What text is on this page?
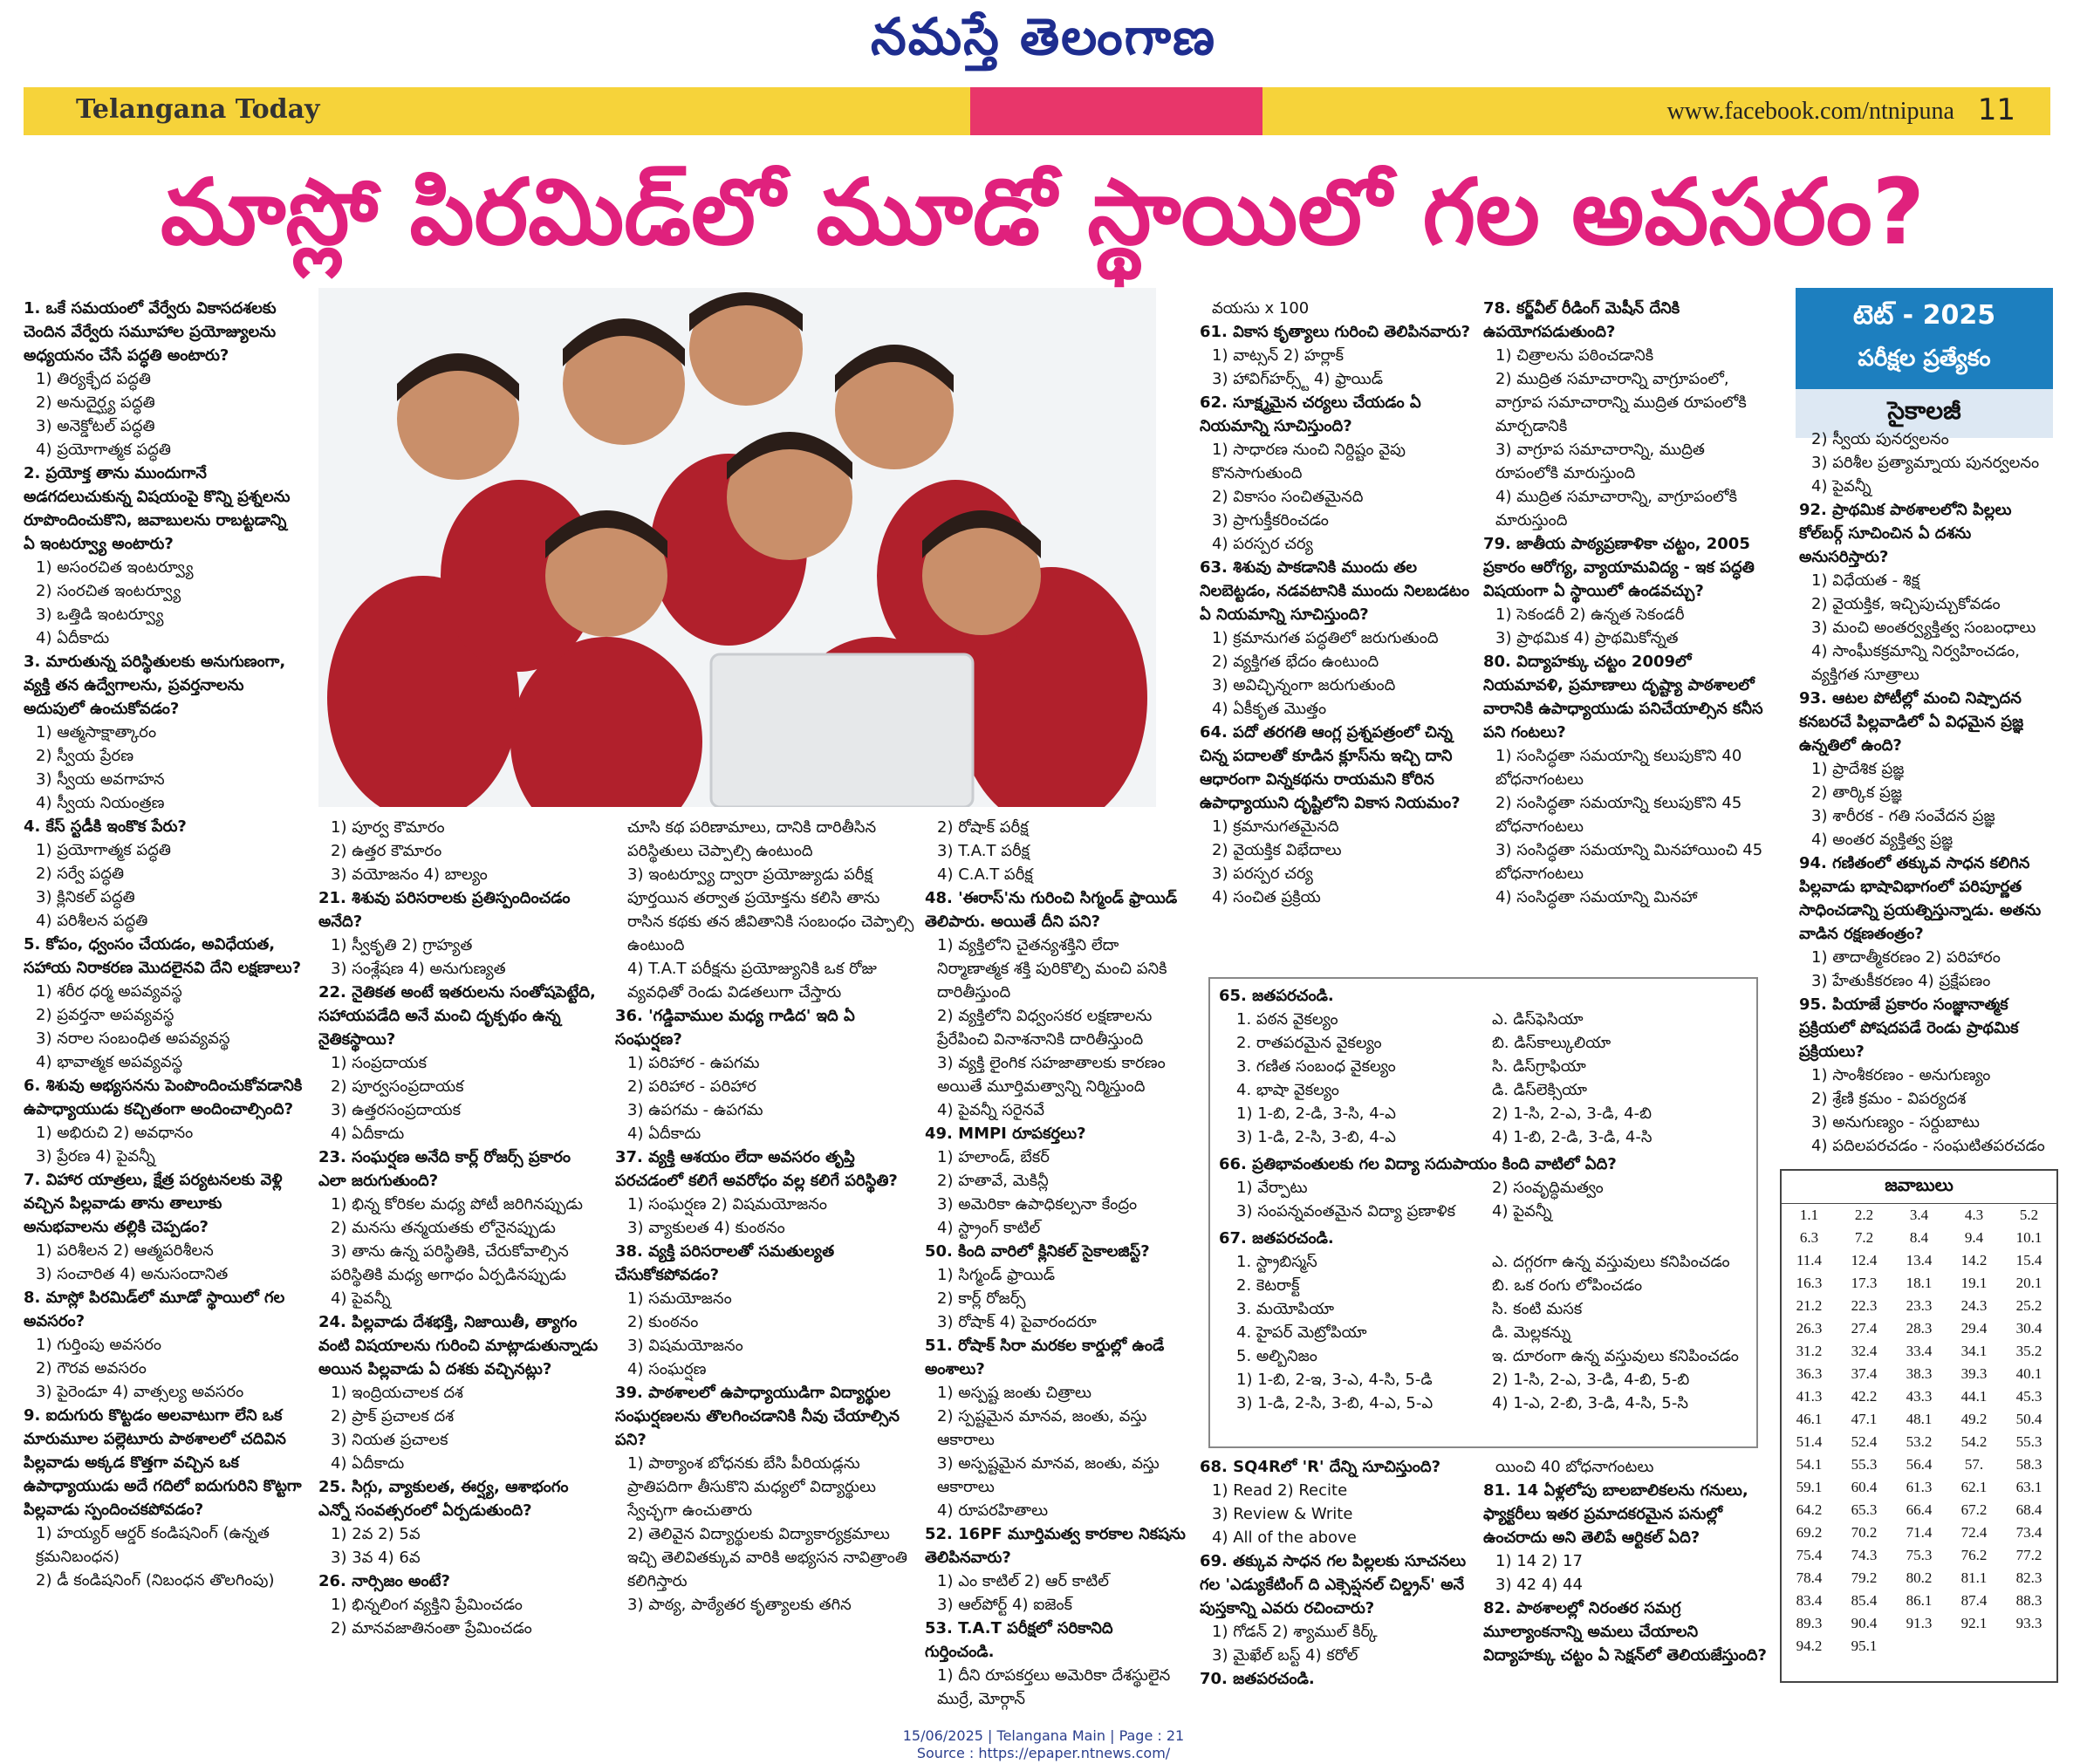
నమస్తే తెలంగాణ
Telangana Today	www.facebook.com/ntnipuna 11
మాస్లో పిరమిడ్‌లో మూడో స్థాయిలో గల అవసరం?

1. ఒకే సమయంలో వేర్వేరు వికాసదశలకు చెందిన వేర్వేరు సమూహాల ప్రయోజ్యులను అధ్యయనం చేసే పద్ధతి అంటారు?

1) తిర్యక్ఛేద పద్ధతి

2) అనుదైర్ఘ్య పద్ధతి

3) అనెక్డోటల్ పద్ధతి

4) ప్రయోగాత్మక పద్ధతి

2. ప్రయోక్త తాను ముందుగానే అడగదలుచుకున్న విషయంపై కొన్ని ప్రశ్నలను రూపొందించుకొని, జవాబులను రాబట్టడాన్ని ఏ ఇంటర్వ్యూ అంటారు?

1) అసంరచిత ఇంటర్వ్యూ

2) సంరచిత ఇంటర్వ్యూ

3) ఒత్తిడి ఇంటర్వ్యూ

4) ఏదీకాదు

3. మారుతున్న పరిస్థితులకు అనుగుణంగా, వ్యక్తి తన ఉద్వేగాలను, ప్రవర్తనాలను అదుపులో ఉంచుకోవడం?

1) ఆత్మసాక్షాత్కారం

2) స్వీయ ప్రేరణ

3) స్వీయ అవగాహన

4) స్వీయ నియంత్రణ

4. కేస్ స్టడీకి ఇంకొక పేరు?

1) ప్రయోగాత్మక పద్ధతి

2) సర్వే పద్ధతి

3) క్లినికల్ పద్ధతి

4) పరిశీలన పద్ధతి

5. కోపం, ధ్వంసం చేయడం, అవిధేయత, సహాయ నిరాకరణ మొదలైనవి దేని లక్షణాలు?

1) శరీర ధర్మ అపవ్యవస్థ

2) ప్రవర్తనా అపవ్యవస్థ

3) నరాల సంబంధిత అపవ్యవస్థ

4) భావాత్మక అపవ్యవస్థ

6. శిశువు అభ్యసనను పెంపొందించుకోవడానికి ఉపాధ్యాయుడు కచ్చితంగా అందించాల్సింది?

1) అభిరుచి 2) అవధానం

3) ప్రేరణ 4) పైవన్నీ

7. విహార యాత్రలు, క్షేత్ర పర్యటనలకు వెళ్లి వచ్చిన పిల్లవాడు తాను తాలూకు అనుభవాలను తల్లికి చెప్పడం?

1) పరిశీలన 2) ఆత్మపరిశీలన

3) సంచారిత 4) అనుసందానిత

8. మాస్లో పిరమిడ్‌లో మూడో స్థాయిలో గల అవసరం?

1) గుర్తింపు అవసరం

2) గౌరవ అవసరం

3) పైరెండూ 4) వాత్సల్య అవసరం

9. ఐదుగురు కొట్టడం అలవాటుగా లేని ఒక మారుమూల పల్లెటూరు పాఠశాలలో చదివిన పిల్లవాడు అక్కడ కొత్తగా వచ్చిన ఒక ఉపాధ్యాయుడు అదే గదిలో ఐదుగురిని కొట్టగా పిల్లవాడు స్పందించకపోవడం?

1) హయ్యర్ ఆర్డర్ కండిషనింగ్ (ఉన్నత క్రమనిబంధన)

2) డీ కండిషనింగ్ (నిబంధన తొలగింపు)

1) పూర్వ కౌమారం

2) ఉత్తర కౌమారం

3) వయోజనం 4) బాల్యం

21. శిశువు పరిసరాలకు ప్రతిస్పందించడం అనేది?

1) స్వీకృతి 2) గ్రాహ్యత

3) సంశ్లేషణ 4) అనుగుణ్యత

22. నైతికత అంటే ఇతరులను సంతోషపెట్టేది, సహాయపడేది అనే మంచి దృక్పథం ఉన్న నైతికస్థాయి?

1) సంప్రదాయక

2) పూర్వసంప్రదాయక

3) ఉత్తరసంప్రదాయక

4) ఏదీకాదు

23. సంఘర్షణ అనేది కార్ల్ రోజర్స్ ప్రకారం ఎలా జరుగుతుంది?

1) భిన్న కోరికల మధ్య పోటీ జరిగినప్పుడు

2) మనసు తన్మయతకు లోనైనప్పుడు

3) తాను ఉన్న పరిస్థితికి, చేరుకోవాల్సిన పరిస్థితికి మధ్య అగాధం ఏర్పడినప్పుడు

4) పైవన్నీ

24. పిల్లవాడు దేశభక్తి, నిజాయితీ, త్యాగం వంటి విషయాలను గురించి మాట్లాడుతున్నాడు అయిన పిల్లవాడు ఏ దశకు వచ్చినట్లు?

1) ఇంద్రియచాలక దశ

2) ప్రాక్ ప్రచాలక దశ

3) నియత ప్రచాలక

4) ఏదీకాదు

25. సిగ్గు, వ్యాకులత, ఈర్ష్య, ఆశాభంగం ఎన్నో సంవత్సరంలో ఏర్పడుతుంది?

1) 2వ 2) 5వ

3) 3వ 4) 6వ

26. నార్సిజం అంటే?

1) భిన్నలింగ వ్యక్తిని ప్రేమించడం

2) మానవజాతినంతా ప్రేమించడం

చూసి కథ పరిణామాలు, దానికి దారితీసిన పరిస్థితులు చెప్పాల్సి ఉంటుంది

3) ఇంటర్వ్యూ ద్వారా ప్రయోజ్యుడు పరీక్ష పూర్తయిన తర్వాత ప్రయోక్తను కలిసి తాను రాసిన కథకు తన జీవితానికి సంబంధం చెప్పాల్సి ఉంటుంది

4) T.A.T పరీక్షను ప్రయోజ్యునికి ఒక రోజు వ్యవధితో రెండు విడతలుగా చేస్తారు

36. 'గడ్డివాముల మధ్య గాడిద' ఇది ఏ సంఘర్షణ?

1) పరిహార - ఉపగమ

2) పరిహార - పరిహార

3) ఉపగమ - ఉపగమ

4) ఏదీకాదు

37. వ్యక్తి ఆశయం లేదా అవసరం తృప్తి పరచడంలో కలిగే అవరోధం వల్ల కలిగే పరిస్థితి?

1) సంఘర్షణ 2) విషమయోజనం

3) వ్యాకులత 4) కుంఠనం

38. వ్యక్తి పరిసరాలతో సమతుల్యత చేసుకోకపోవడం?

1) సమయోజనం

2) కుంఠనం

3) విషమయోజనం

4) సంఘర్షణ

39. పాఠశాలలో ఉపాధ్యాయుడిగా విద్యార్థుల సంఘర్షణలను తొలగించడానికి నీవు చేయాల్సిన పని?

1) పాఠ్యాంశ బోధనకు బేసి పీరియడ్లను ప్రాతిపదిగా తీసుకొని మధ్యలో విద్యార్థులు స్వేచ్ఛగా ఉంచుతారు

2) తెలివైన విద్యార్థులకు విద్యాకార్యక్రమాలు ఇచ్చి తెలివితక్కువ వారికి అభ్యసన నావిత్రాంతి కలిగిస్తారు

3) పాఠ్య, పాఠ్యేతర కృత్యాలకు తగిన

2) రోషాక్ పరీక్ష

3) T.A.T పరీక్ష

4) C.A.T పరీక్ష

48. 'ఈరాస్'ను గురించి సిగ్మండ్ ఫ్రాయిడ్ తెలిపారు. అయితే దీని పని?

1) వ్యక్తిలోని చైతన్యశక్తిని లేదా నిర్మాణాత్మక శక్తి పురికొల్పి మంచి పనికి దారితీస్తుంది

2) వ్యక్తిలోని విధ్వంసకర లక్షణాలను ప్రేరేపించి వినాశనానికి దారితీస్తుంది

3) వ్యక్తి లైంగిక సహజాతాలకు కారణం అయితే మూర్తిమత్వాన్ని నిర్మిస్తుంది

4) పైవన్నీ సరైనవే

49. MMPI రూపకర్తలు?

1) హలాండ్, బేకర్

2) హతావే, మెకిన్లీ

3) అమెరికా ఉపాధికల్పనా కేంద్రం

4) స్ట్రాంగ్ కాటిల్

50. కింది వారిలో క్లినికల్ సైకాలజిస్ట్?

1) సిగ్మండ్ ఫ్రాయిడ్

2) కార్ల్ రోజర్స్

3) రోషాక్ 4) పైవారందరూ

51. రోషాక్ సిరా మరకల కార్డుల్లో ఉండే అంశాలు?

1) అస్పష్ట జంతు చిత్రాలు

2) స్పష్టమైన మానవ, జంతు, వస్తు ఆకారాలు

3) అస్పష్టమైన మానవ, జంతు, వస్తు ఆకారాలు

4) రూపరహితాలు

52. 16PF మూర్తిమత్వ కారకాల నికషను తెలిపినవారు?

1) ఎం కాటిల్ 2) ఆర్ కాటిల్

3) ఆల్‌పోర్ట్ 4) ఐజెంక్

53. T.A.T పరీక్షలో సరికానిది గుర్తించండి.

1) దీని రూపకర్తలు అమెరికా దేశస్థులైన ముర్రే, మోర్గాన్

వయసు x 100

61. వికాస కృత్యాలు గురించి తెలిపినవారు?

1) వాట్సన్ 2) హర్లాక్

3) హావిగ్‌హర్స్ట్ 4) ఫ్రాయిడ్

62. సూక్ష్మమైన చర్యలు చేయడం ఏ నియమాన్ని సూచిస్తుంది?

1) సాధారణ నుంచి నిర్దిష్టం వైపు కొనసాగుతుంది

2) వికాసం సంచితమైనది

3) ప్రాగుక్తీకరించడం

4) పరస్పర చర్య

63. శిశువు పాకడానికి ముందు తల నిలబెట్టడం, నడవటానికి ముందు నిలబడటం ఏ నియమాన్ని సూచిస్తుంది?

1) క్రమానుగత పద్ధతిలో జరుగుతుంది

2) వ్యక్తిగత భేదం ఉంటుంది

3) అవిచ్ఛిన్నంగా జరుగుతుంది

4) ఏకీకృత మొత్తం

64. పదో తరగతి ఆంగ్ల ప్రశ్నపత్రంలో చిన్న చిన్న పదాలతో కూడిన క్లూస్‌ను ఇచ్చి దాని ఆధారంగా విన్నకథను రాయమని కోరిన ఉపాధ్యాయుని దృష్టిలోని వికాస నియమం?

1) క్రమానుగతమైనది

2) వైయక్తిక విభేదాలు

3) పరస్పర చర్య

4) సంచిత ప్రక్రియ

78. కర్జ్‌వీల్ రీడింగ్ మెషీన్ దేనికి ఉపయోగపడుతుంది?

1) చిత్రాలను పఠించడానికి

2) ముద్రిత సమాచారాన్ని వాగ్రూపంలో, వాగ్రూప సమాచారాన్ని ముద్రిత రూపంలోకి మార్చడానికి

3) వాగ్రూప సమాచారాన్ని, ముద్రిత రూపంలోకి మారుస్తుంది

4) ముద్రిత సమాచారాన్ని, వాగ్రూపంలోకి మారుస్తుంది

79. జాతీయ పాఠ్యప్రణాళికా చట్టం, 2005 ప్రకారం ఆరోగ్య, వ్యాయామవిద్య - ఇక పద్ధతి విషయంగా ఏ స్థాయిలో ఉండవచ్చు?

1) సెకండరీ 2) ఉన్నత సెకండరీ

3) ప్రాథమిక 4) ప్రాథమికోన్నత

80. విద్యాహక్కు చట్టం 2009లో నియమావళి, ప్రమాణాలు దృష్ట్యా పాఠశాలలో వారానికి ఉపాధ్యాయుడు పనిచేయాల్సిన కనీస పని గంటలు?

1) సంసిద్ధతా సమయాన్ని కలుపుకొని 40 బోధనాగంటలు

2) సంసిద్ధతా సమయాన్ని కలుపుకొని 45 బోధనాగంటలు

3) సంసిద్ధతా సమయాన్ని మినహాయించి 45 బోధనాగంటలు

4) సంసిద్ధతా సమయాన్ని మినహా

65. జతపరచండి.
1. పఠన వైకల్యం	ఎ. డిస్‌ఫెసియా
2. రాతపరమైన వైకల్యం	బి. డిస్‌కాల్కులియా
3. గణిత సంబంధ వైకల్యం	సి. డిస్‌గ్రాఫియా
4. భాషా వైకల్యం	డి. డిస్‌లెక్సియా
1) 1-బి, 2-డి, 3-సి, 4-ఎ	2) 1-సి, 2-ఎ, 3-డి, 4-బి
3) 1-డి, 2-సి, 3-బి, 4-ఎ	4) 1-బి, 2-డి, 3-డి, 4-సి
66. ప్రతిభావంతులకు గల విద్యా సదుపాయం కింది వాటిలో ఏది?
1) వేర్పాటు	2) సంవృద్ధిమత్వం
3) సంపన్నవంతమైన విద్యా ప్రణాళిక	4) పైవన్నీ
67. జతపరచండి.
1. స్ట్రాబిస్మస్	ఎ. దగ్గరగా ఉన్న వస్తువులు కనిపించడం
2. కెటరాక్ట్	బి. ఒక రంగు లోపించడం
3. మయోపియా	సి. కంటి మసక
4. హైపర్ మెట్రోపియా	డి. మెల్లకన్ను
5. అల్బినిజం	ఇ. దూరంగా ఉన్న వస్తువులు కనిపించడం
1) 1-బి, 2-ఇ, 3-ఎ, 4-సి, 5-డి	2) 1-సి, 2-ఎ, 3-డి, 4-బి, 5-బి
3) 1-డి, 2-సి, 3-బి, 4-ఎ, 5-ఎ	4) 1-ఎ, 2-బి, 3-డి, 4-సి, 5-సి

68. SQ4Rలో 'R' దేన్ని సూచిస్తుంది?

1) Read 2) Recite

3) Review & Write

4) All of the above

69. తక్కువ సాధన గల పిల్లలకు సూచనలు గల 'ఎడ్యుకేటింగ్ ది ఎక్సెప్షనల్ చిల్డ్రన్' అనే పుస్తకాన్ని ఎవరు రచించారు?

1) గోడన్ 2) శ్యాముల్ కిర్క్

3) మైఖేల్ బస్ట్ 4) కరోల్

70. జతపరచండి.

యించి 40 బోధనాగంటలు

81. 14 ఏళ్లలోపు బాలబాలికలను గనులు, ఫ్యాక్టరీలు ఇతర ప్రమాదకరమైన పనుల్లో ఉంచరాదు అని తెలిపే ఆర్టికల్ ఏది?

1) 14 2) 17

3) 42 4) 44

82. పాఠశాలల్లో నిరంతర సమగ్ర మూల్యాంకనాన్ని అమలు చేయాలని విద్యాహక్కు చట్టం ఏ సెక్షన్‌లో తెలియజేస్తుంది?

టెట్ - 2025
పరీక్షల ప్రత్యేకం
సైకాలజీ

2) స్వీయ పునర్వలనం

3) పరిశీల ప్రత్యామ్నాయ పునర్వలనం

4) పైవన్నీ

92. ప్రాథమిక పాఠశాలలోని పిల్లలు కోల్‌బర్గ్ సూచించిన ఏ దశను అనుసరిస్తారు?

1) విధేయత - శిక్ష

2) వైయక్తిక, ఇచ్చిపుచ్చుకోవడం

3) మంచి అంతర్వ్యక్తిత్వ సంబంధాలు

4) సాంఘీకక్రమాన్ని నిర్వహించడం, వ్యక్తిగత సూత్రాలు

93. ఆటల పోటీల్లో మంచి నిష్పాదన కనబరచే పిల్లవాడిలో ఏ విధమైన ప్రజ్ఞ ఉన్నతిలో ఉంది?

1) ప్రాదేశిక ప్రజ్ఞ

2) తార్కిక ప్రజ్ఞ

3) శారీరక - గతి సంవేదన ప్రజ్ఞ

4) అంతర వ్యక్తిత్వ ప్రజ్ఞ

94. గణితంలో తక్కువ సాధన కలిగిన పిల్లవాడు భాషావిభాగంలో పరిపూర్ణత సాధించడాన్ని ప్రయత్నిస్తున్నాడు. అతను వాడిన రక్షణతంత్రం?

1) తాదాత్మీకరణం 2) పరిహారం

3) హేతుకీకరణం 4) ప్రక్షేపణం

95. పియాజే ప్రకారం సంజ్ఞానాత్మక ప్రక్రియలో పోషదపడే రెండు ప్రాథమిక ప్రక్రియలు?

1) సాంశీకరణం - అనుగుణ్యం

2) శ్రేణి క్రమం - విపర్యదశ

3) అనుగుణ్యం - సర్దుబాటు

4) పదిలపరచడం - సంఘటితపరచడం

జవాబులు
1.1	2.2	3.4	4.3	5.2
6.3	7.2	8.4	9.4	10.1
11.4	12.4	13.4	14.2	15.4
16.3	17.3	18.1	19.1	20.1
21.2	22.3	23.3	24.3	25.2
26.3	27.4	28.3	29.4	30.4
31.2	32.4	33.4	34.1	35.2
36.3	37.4	38.3	39.3	40.1
41.3	42.2	43.3	44.1	45.3
46.1	47.1	48.1	49.2	50.4
51.4	52.4	53.2	54.2	55.3
54.1	55.3	56.4	57.	58.3
59.1	60.4	61.3	62.1	63.1
64.2	65.3	66.4	67.2	68.4
69.2	70.2	71.4	72.4	73.4
75.4	74.3	75.3	76.2	77.2
78.4	79.2	80.2	81.1	82.3
83.4	85.4	86.1	87.4	88.3
89.3	90.4	91.3	92.1	93.3
94.2	95.1			
15/06/2025 | Telangana Main | Page : 21
Source : https://epaper.ntnews.com/
